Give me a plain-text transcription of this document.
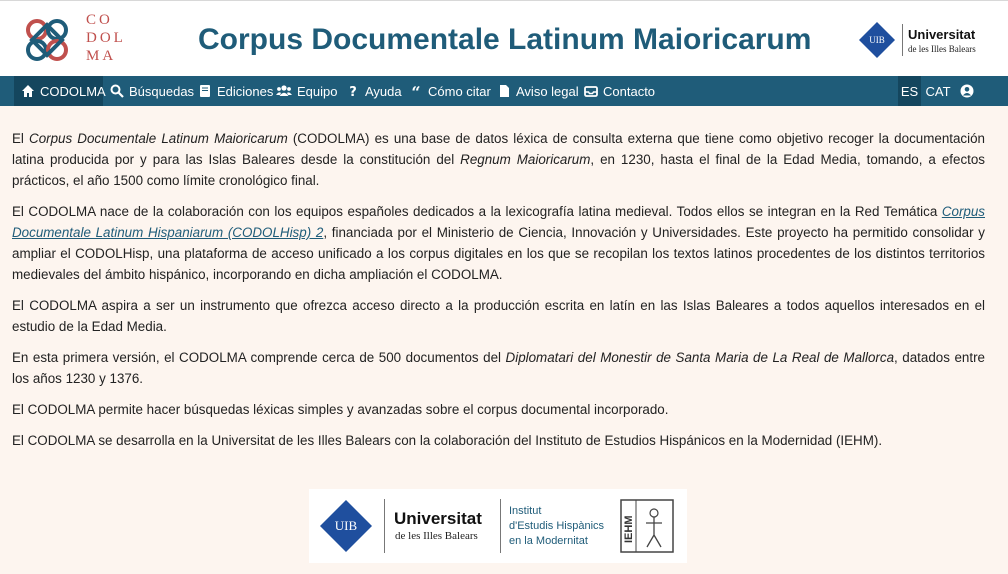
CO
DOL
MA	Corpus Documentale Latinum Maioricarum	UIB Universitat
de les Illes Balears
CODOLMA Búsquedas Ediciones Equipo ? Ayuda “ Cómo citar Aviso legal Contacto	ES CAT

El Corpus Documentale Latinum Maioricarum (CODOLMA) es una base de datos léxica de consulta externa que tiene como objetivo recoger la documentación latina producida por y para las Islas Baleares desde la constitución del Regnum Maioricarum, en 1230, hasta el final de la Edad Media, tomando, a efectos prácticos, el año 1500 como límite cronológico final.

El CODOLMA nace de la colaboración con los equipos españoles dedicados a la lexicografía latina medieval. Todos ellos se integran en la Red Temática Corpus Documentale Latinum Hispaniarum (CODOLHisp) 2, financiada por el Ministerio de Ciencia, Innovación y Universidades. Este proyecto ha permitido consolidar y ampliar el CODOLHisp, una plataforma de acceso unificado a los corpus digitales en los que se recopilan los textos latinos procedentes de los distintos territorios medievales del ámbito hispánico, incorporando en dicha ampliación el CODOLMA.

El CODOLMA aspira a ser un instrumento que ofrezca acceso directo a la producción escrita en latín en las Islas Baleares a todos aquellos interesados en el estudio de la Edad Media.

En esta primera versión, el CODOLMA comprende cerca de 500 documentos del Diplomatari del Monestir de Santa Maria de La Real de Mallorca, datados entre los años 1230 y 1376.

El CODOLMA permite hacer búsquedas léxicas simples y avanzadas sobre el corpus documental incorporado.

El CODOLMA se desarrolla en la Universitat de les Illes Balears con la colaboración del Instituto de Estudios Hispánicos en la Modernidad (IEHM).

UIB Universitat
de les Illes Balears
Institut
d'Estudis Hispànics
en la Modernitat	IEHM
